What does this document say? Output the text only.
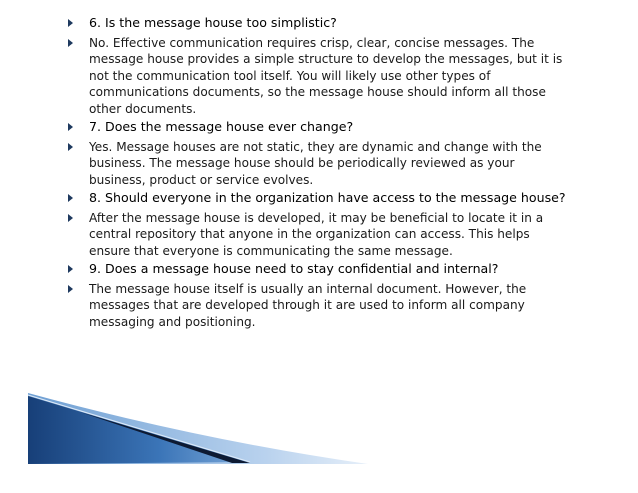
6. Is the message house too simplistic?
No. Effective communication requires crisp, clear, concise messages. The message house provides a simple structure to develop the messages, but it is not the communication tool itself. You will likely use other types of communications documents, so the message house should inform all those other documents.
7. Does the message house ever change?
Yes. Message houses are not static, they are dynamic and change with the business. The message house should be periodically reviewed as your business, product or service evolves.
8. Should everyone in the organization have access to the message house?
After the message house is developed, it may be beneficial to locate it in a central repository that anyone in the organization can access. This helps ensure that everyone is communicating the same message.
9. Does a message house need to stay confidential and internal?
The message house itself is usually an internal document. However, the messages that are developed through it are used to inform all company messaging and positioning.
